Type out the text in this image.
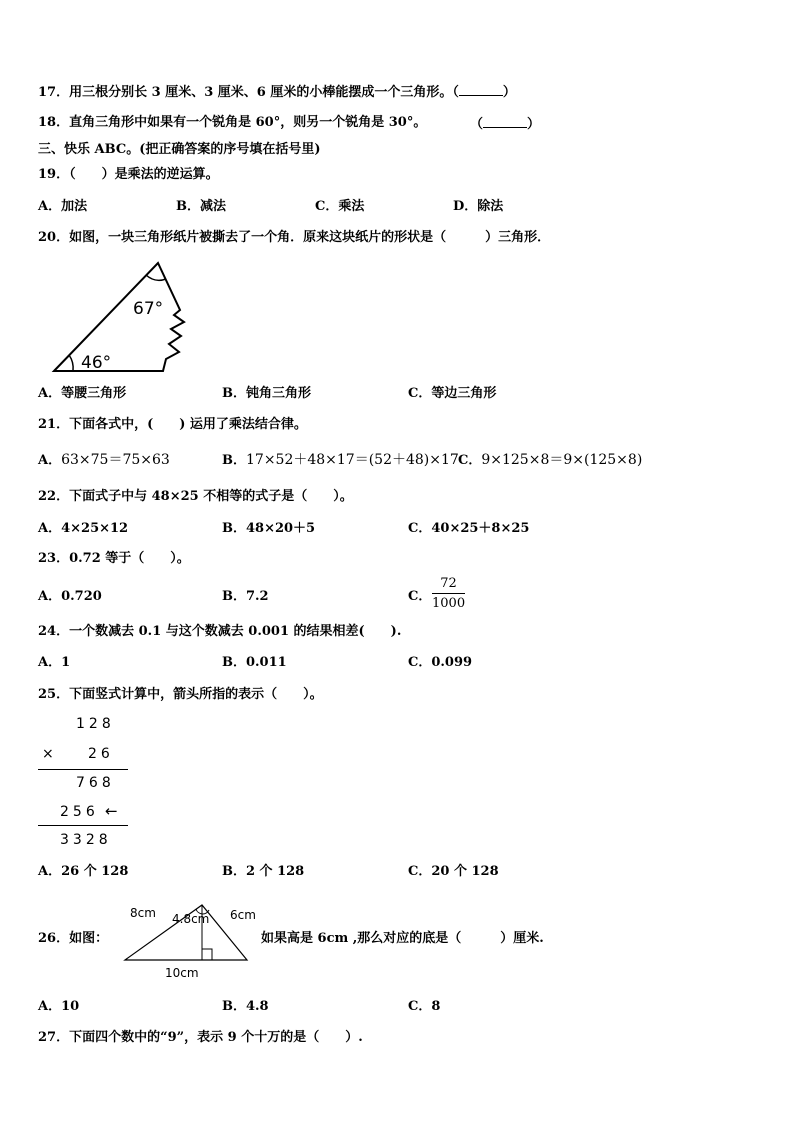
17．用三根分别长 3 厘米、3 厘米、6 厘米的小棒能摆成一个三角形。（	）
18．直角三角形中如果有一个锐角是 60°，则另一个锐角是 30°。	（	）
三、快乐 ABC。(把正确答案的序号填在括号里)
19．（　　）是乘法的逆运算。
A．加法	B．减法	C．乘法	D．除法
20．如图，一块三角形纸片被撕去了一个角．原来这块纸片的形状是（　　　）三角形．
67°
46°
A．等腰三角形	B．钝角三角形	C．等边三角形
21．下面各式中，(　　) 运用了乘法结合律。
A．63×75＝75×63	B．17×52＋48×17＝(52＋48)×17 C．9×125×8＝9×(125×8)
22．下面式子中与 48×25 不相等的式子是（　　）。
A．4×25×12	B．48×20＋5	C．40×25＋8×25
23．0.72 等于（　　）。
A．0.720	B．7.2	C． $\frac{72}{1000}$
24．一个数减去 0.1 与这个数减去 0.001 的结果相差(　　).
A．1	B．0.011	C．0.099
25．下面竖式计算中，箭头所指的表示（　　）。
128
× 26
768
256 ←
3328
A．26 个 128	B．2 个 128	C．20 个 128
26．如图：
8cm 4.8cm 6cm
10cm
如果高是 6cm ,那么对应的底是（　　　）厘米.
A．10	B．4.8	C．8
27．下面四个数中的“9”，表示 9 个十万的是（　　）.
